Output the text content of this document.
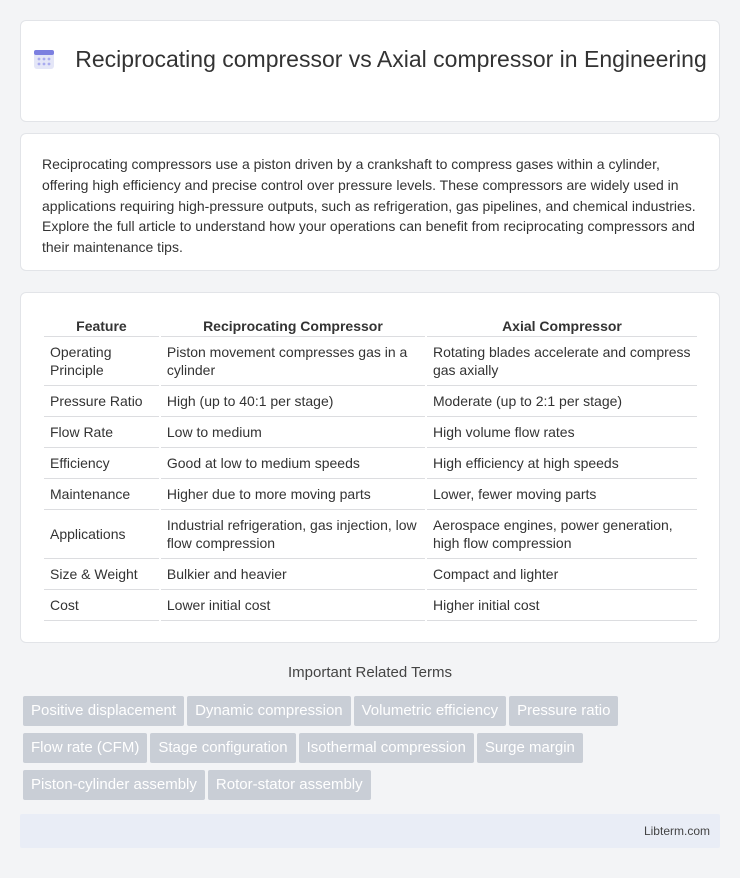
Reciprocating compressor vs Axial compressor in Engineering

Reciprocating compressors use a piston driven by a crankshaft to compress gases within a cylinder, offering high efficiency and precise control over pressure levels. These compressors are widely used in applications requiring high-pressure outputs, such as refrigeration, gas pipelines, and chemical industries. Explore the full article to understand how your operations can benefit from reciprocating compressors and their maintenance tips.

Feature	Reciprocating Compressor	Axial Compressor
Operating Principle	Piston movement compresses gas in a cylinder	Rotating blades accelerate and compress gas axially
Pressure Ratio	High (up to 40:1 per stage)	Moderate (up to 2:1 per stage)
Flow Rate	Low to medium	High volume flow rates
Efficiency	Good at low to medium speeds	High efficiency at high speeds
Maintenance	Higher due to more moving parts	Lower, fewer moving parts
Applications	Industrial refrigeration, gas injection, low flow compression	Aerospace engines, power generation, high flow compression
Size & Weight	Bulkier and heavier	Compact and lighter
Cost	Lower initial cost	Higher initial cost
Important Related Terms
Positive displacement Dynamic compression Volumetric efficiency Pressure ratio
Flow rate (CFM) Stage configuration Isothermal compression Surge margin
Piston-cylinder assembly Rotor-stator assembly
Libterm.com
